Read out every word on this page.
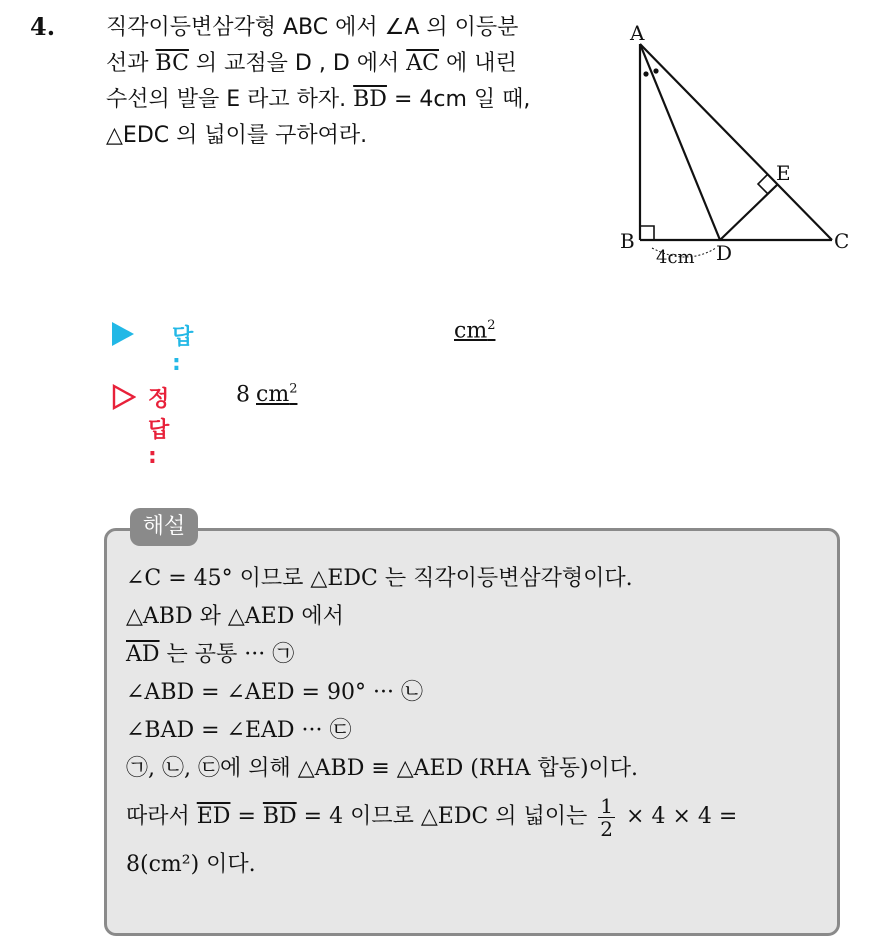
4. 직각이등변삼각형 ABC 에서 ∠A 의 이등분
선과 $\overline{BC}$ 의 교점을 D , D 에서 $\overline{AC}$ 에 내린
수선의 발을 E 라고 하자. $\overline{BD} = 4cm$ 일 때,
△EDC 의 넓이를 구하여라.
A
B	C
D
E
4cm
답 :
$cm^2$
정답 :
8 $cm^2$
해설
∠C = 45° 이므로 △EDC 는 직각이등변삼각형이다.
△ABD 와 △AED 에서
$\overline{AD}$ 는 공통 ··· ㉠
∠ABD = ∠AED = 90° ··· ㉡
∠BAD = ∠EAD ··· ㉢
㉠, ㉡, ㉢에 의해 △ABD ≡ △AED (RHA 합동)이다.
따라서 $\overline{ED} = \overline{BD} = 4$ 이므로 △EDC 의 넓이는 $\frac{1}{2} \times 4 \times 4$ =
8(cm²) 이다.
